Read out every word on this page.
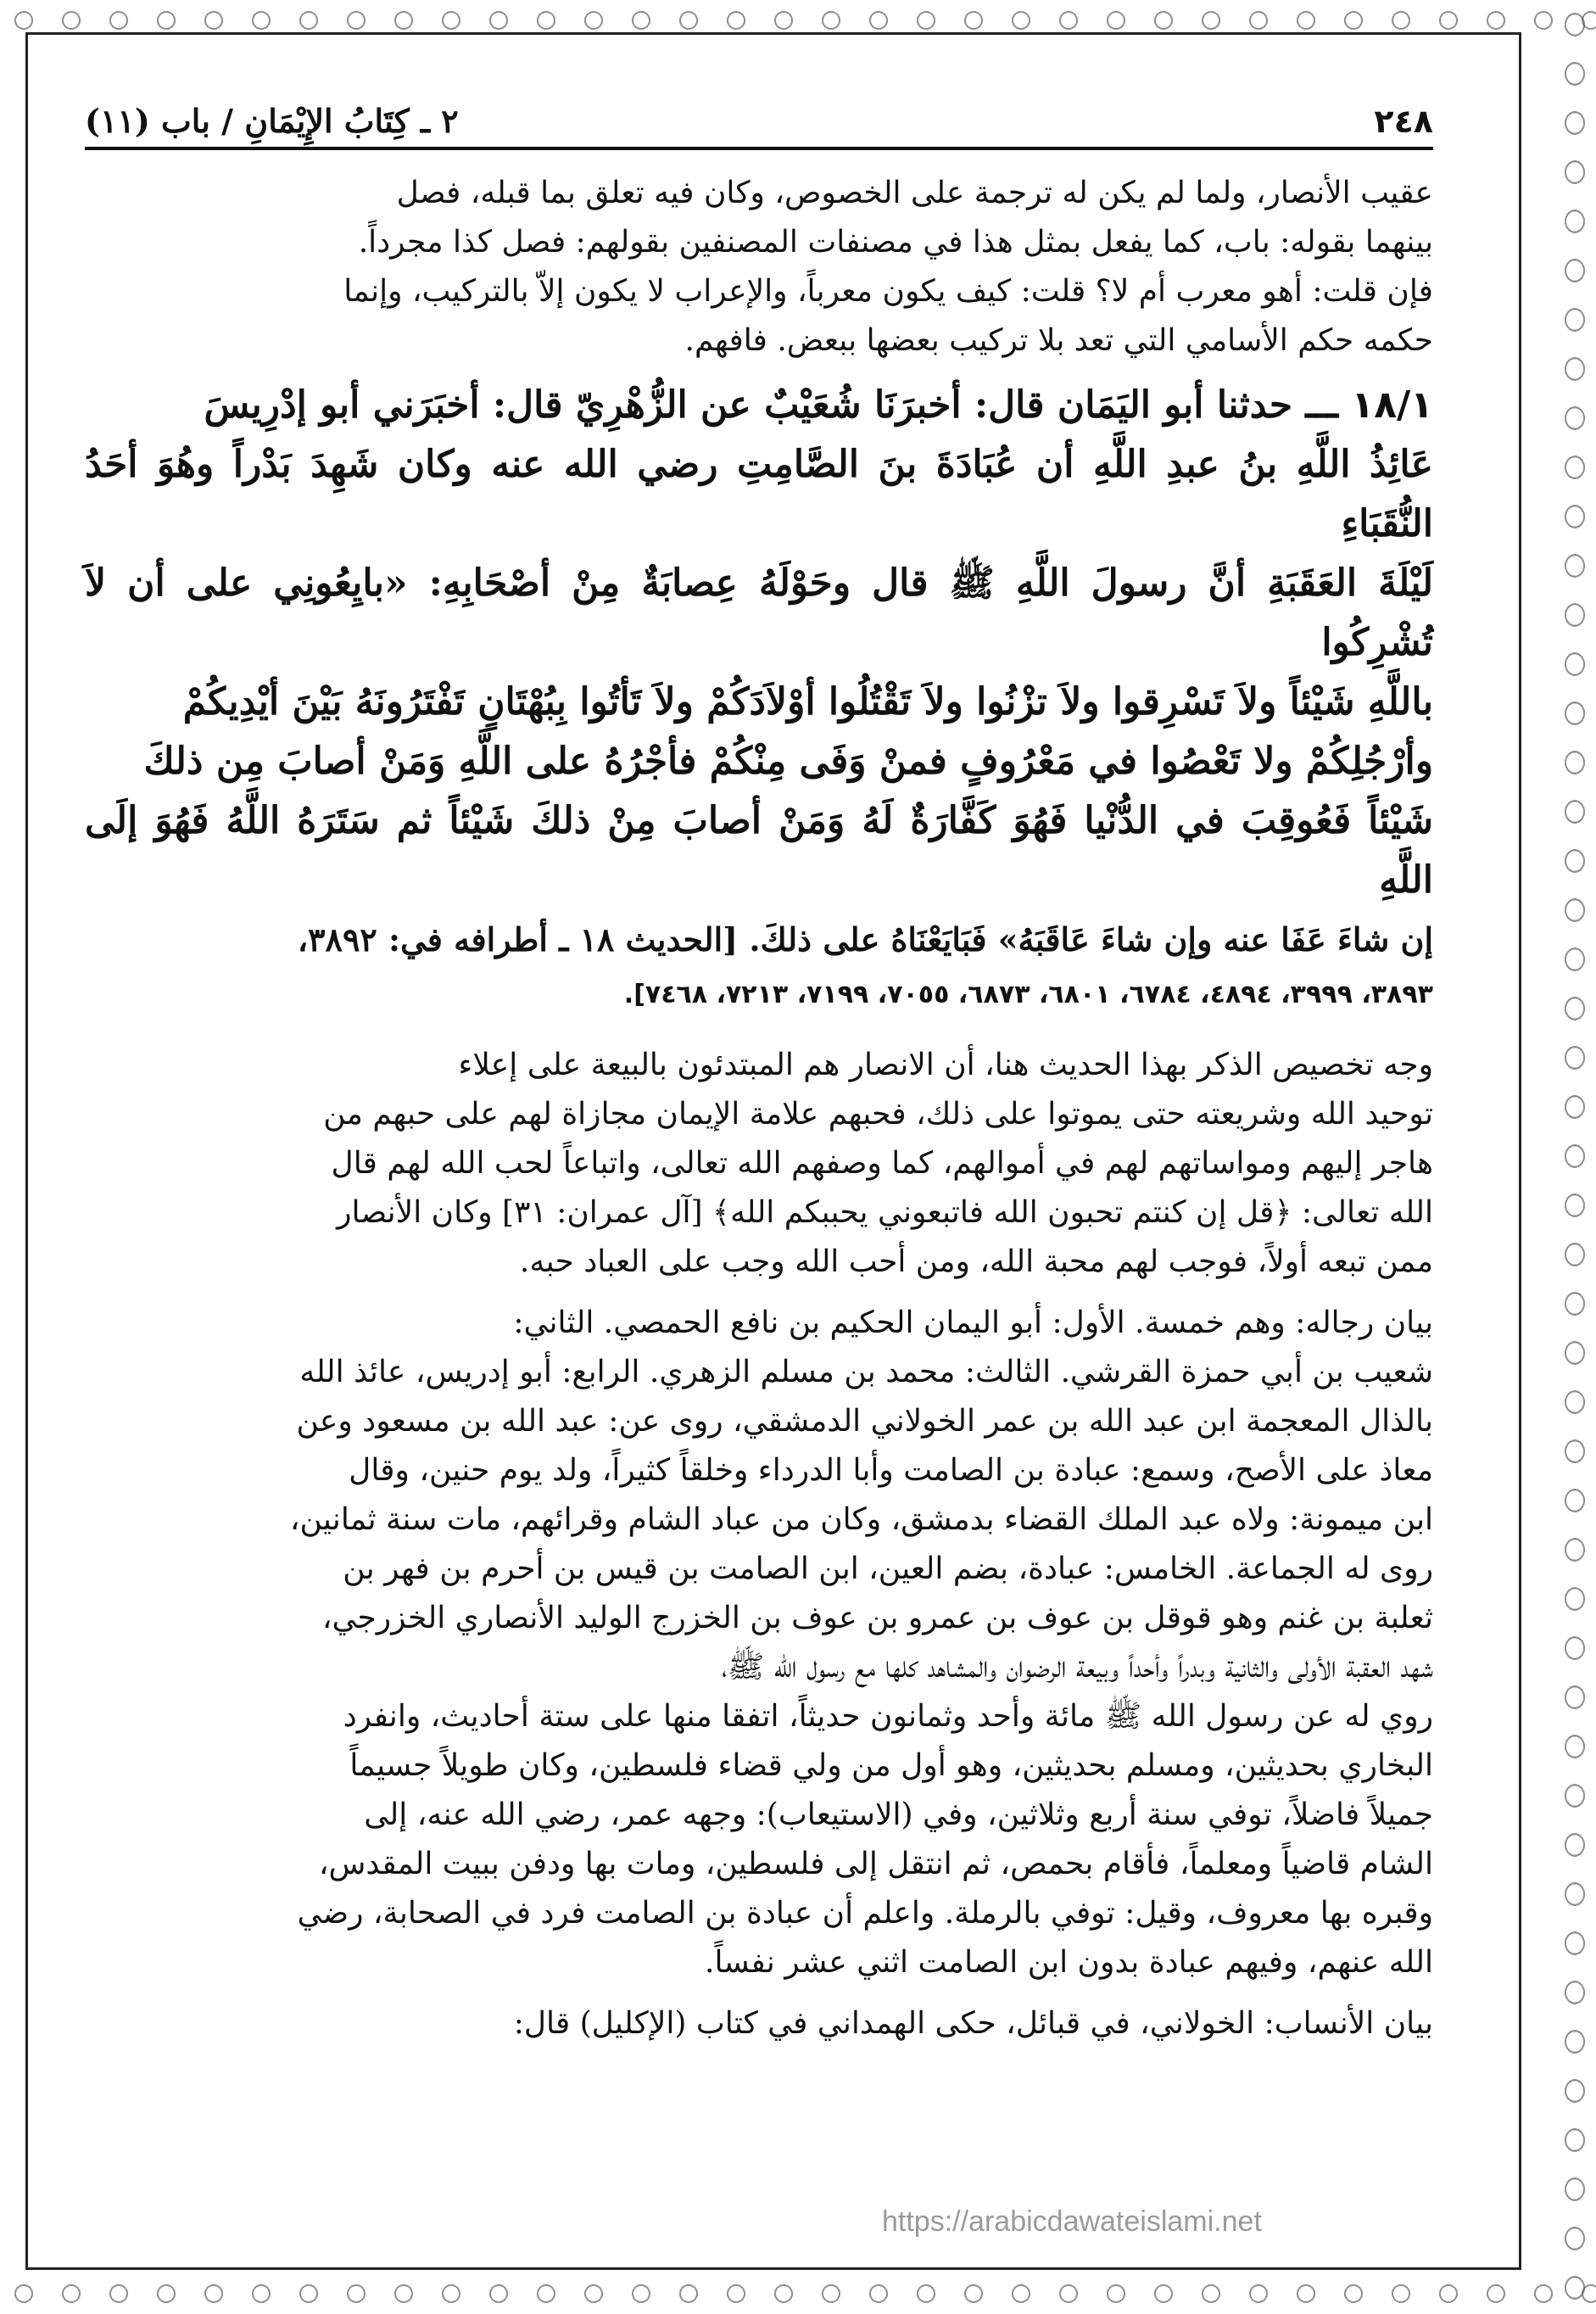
٢٤٨
٢ ـ كِتَابُ الإِيْمَانِ / باب (١١)

عقيب الأنصار، ولما لم يكن له ترجمة على الخصوص، وكان فيه تعلق بما قبله، فصل

بينهما بقوله: باب، كما يفعل بمثل هذا في مصنفات المصنفين بقولهم: فصل كذا مجرداً.

فإن قلت: أهو معرب أم لا؟ قلت: كيف يكون معرباً، والإعراب لا يكون إلاّ بالتركيب، وإنما

حكمه حكم الأسامي التي تعد بلا تركيب بعضها ببعض. فافهم.

١٨/١ ـــ حدثنا أبو اليَمَان قال: أخبرَنَا شُعَيْبٌ عن الزُّهْرِيّ قال: أخبَرَني أبو إدْرِيسَ

عَائِذُ اللَّهِ بنُ عبدِ اللَّهِ أن عُبَادَةَ بنَ الصَّامِتِ رضي الله عنه وكان شَهِدَ بَدْراً وهُوَ أحَدُ النُّقَبَاءِ

لَيْلَةَ العَقَبَةِ أنَّ رسولَ اللَّهِ ﷺ قال وحَوْلَهُ عِصابَةٌ مِنْ أصْحَابِهِ: «بايِعُونِي على أن لاَ تُشْرِكُوا

باللَّهِ شَيْئاً ولاَ تَسْرِقوا ولاَ تزْنُوا ولاَ تَقْتُلُوا أوْلاَدَكُمْ ولاَ تَأتُوا بِبُهْتَانٍ تَفْتَرُونَهُ بَيْنَ أيْدِيكُمْ

وأرْجُلِكُمْ ولا تَعْصُوا في مَعْرُوفٍ فمنْ وَفَى مِنْكُمْ فأجْرُهُ على اللَّهِ وَمَنْ أصابَ مِن ذلكَ

شَيْئاً فَعُوقِبَ في الدُّنْيا فَهُوَ كَفَّارَةٌ لَهُ وَمَنْ أصابَ مِنْ ذلكَ شَيْئاً ثم سَتَرَهُ اللَّهُ فَهُوَ إلَى اللَّهِ

إن شاءَ عَفَا عنه وإن شاءَ عَاقَبَهُ» فَبَايَعْنَاهُ على ذلكَ. [الحديث ١٨ ـ أطرافه في: ٣٨٩٢،

٣٨٩٣، ٣٩٩٩، ٤٨٩٤، ٦٧٨٤، ٦٨٠١، ٦٨٧٣، ٧٠٥٥، ٧١٩٩، ٧٢١٣، ٧٤٦٨].

وجه تخصيص الذكر بهذا الحديث هنا، أن الانصار هم المبتدئون بالبيعة على إعلاء

توحيد الله وشريعته حتى يموتوا على ذلك، فحبهم علامة الإيمان مجازاة لهم على حبهم من

هاجر إليهم ومواساتهم لهم في أموالهم، كما وصفهم الله تعالى، واتباعاً لحب الله لهم قال

الله تعالى: ﴿قل إن كنتم تحبون الله فاتبعوني يحببكم الله﴾ [آل عمران: ٣١] وكان الأنصار

ممن تبعه أولاً، فوجب لهم محبة الله، ومن أحب الله وجب على العباد حبه.

بيان رجاله: وهم خمسة. الأول: أبو اليمان الحكيم بن نافع الحمصي. الثاني:

شعيب بن أبي حمزة القرشي. الثالث: محمد بن مسلم الزهري. الرابع: أبو إدريس، عائذ الله

بالذال المعجمة ابن عبد الله بن عمر الخولاني الدمشقي، روى عن: عبد الله بن مسعود وعن

معاذ على الأصح، وسمع: عبادة بن الصامت وأبا الدرداء وخلقاً كثيراً، ولد يوم حنين، وقال

ابن ميمونة: ولاه عبد الملك القضاء بدمشق، وكان من عباد الشام وقرائهم، مات سنة ثمانين،

روى له الجماعة. الخامس: عبادة، بضم العين، ابن الصامت بن قيس بن أحرم بن فهر بن

ثعلبة بن غنم وهو قوقل بن عوف بن عمرو بن عوف بن الخزرج الوليد الأنصاري الخزرجي،

شهد العقبة الأولى والثانية وبدراً وأحداً وبيعة الرضوان والمشاهد كلها مع رسول الله ﷺ،

روي له عن رسول الله ﷺ مائة وأحد وثمانون حديثاً، اتفقا منها على ستة أحاديث، وانفرد

البخاري بحديثين، ومسلم بحديثين، وهو أول من ولي قضاء فلسطين، وكان طويلاً جسيماً

جميلاً فاضلاً، توفي سنة أربع وثلاثين، وفي (الاستيعاب): وجهه عمر، رضي الله عنه، إلى

الشام قاضياً ومعلماً، فأقام بحمص، ثم انتقل إلى فلسطين، ومات بها ودفن ببيت المقدس،

وقبره بها معروف، وقيل: توفي بالرملة. واعلم أن عبادة بن الصامت فرد في الصحابة، رضي

الله عنهم، وفيهم عبادة بدون ابن الصامت اثني عشر نفساً.

بيان الأنساب: الخولاني، في قبائل، حكى الهمداني في كتاب (الإكليل) قال:

https://arabicdawateislami.net
